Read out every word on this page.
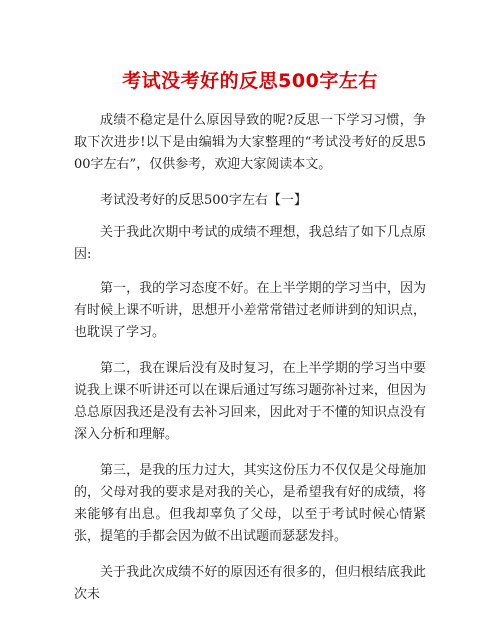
考试没考好的反思500字左右

成绩不稳定是什么原因导致的呢?反思一下学习习惯，争取下次进步!以下是由编辑为大家整理的“考试没考好的反思500字左右”，仅供参考，欢迎大家阅读本文。

考试没考好的反思500字左右【一】

关于我此次期中考试的成绩不理想，我总结了如下几点原因:

第一，我的学习态度不好。在上半学期的学习当中，因为有时候上课不听讲，思想开小差常常错过老师讲到的知识点，也耽误了学习。

第二，我在课后没有及时复习，在上半学期的学习当中要说我上课不听讲还可以在课后通过写练习题弥补过来，但因为总总原因我还是没有去补习回来，因此对于不懂的知识点没有深入分析和理解。

第三，是我的压力过大，其实这份压力不仅仅是父母施加的，父母对我的要求是对我的关心，是希望我有好的成绩，将来能够有出息。但我却辜负了父母，以至于考试时候心情紧张，提笔的手都会因为做不出试题而瑟瑟发抖。

关于我此次成绩不好的原因还有很多的，但归根结底我此次未
